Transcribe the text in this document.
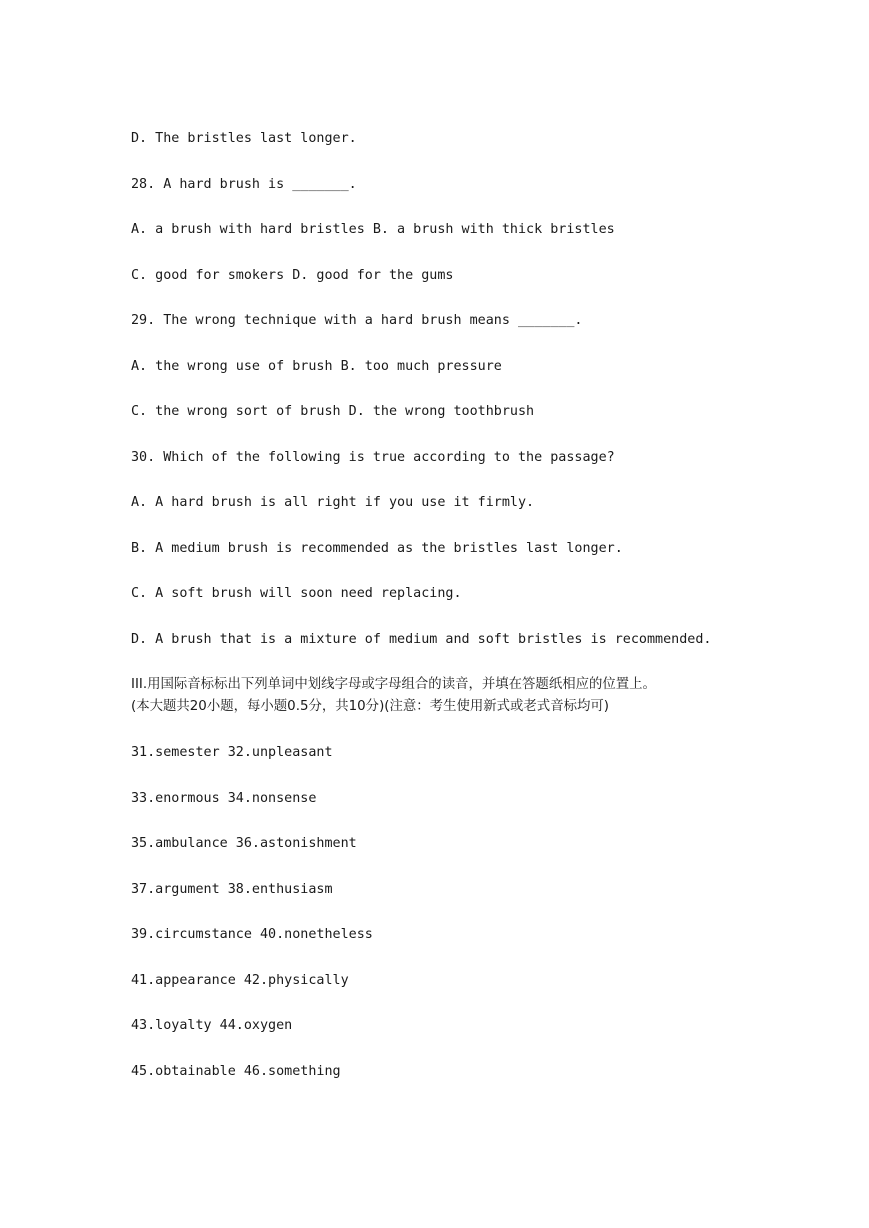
D. The bristles last longer.
28. A hard brush is _______.
A. a brush with hard bristles B. a brush with thick bristles
C. good for smokers D. good for the gums
29. The wrong technique with a hard brush means _______.
A. the wrong use of brush B. too much pressure
C. the wrong sort of brush D. the wrong toothbrush
30. Which of the following is true according to the passage?
A. A hard brush is all right if you use it firmly.
B. A medium brush is recommended as the bristles last longer.
C. A soft brush will soon need replacing.
D. A brush that is a mixture of medium and soft bristles is recommended.
III.用国际音标标出下列单词中划线字母或字母组合的读音，并填在答题纸相应的位置上。
(本大题共20小题，每小题0.5分，共10分)(注意：考生使用新式或老式音标均可)
31.semester 32.unpleasant
33.enormous 34.nonsense
35.ambulance 36.astonishment
37.argument 38.enthusiasm
39.circumstance 40.nonetheless
41.appearance 42.physically
43.loyalty 44.oxygen
45.obtainable 46.something
